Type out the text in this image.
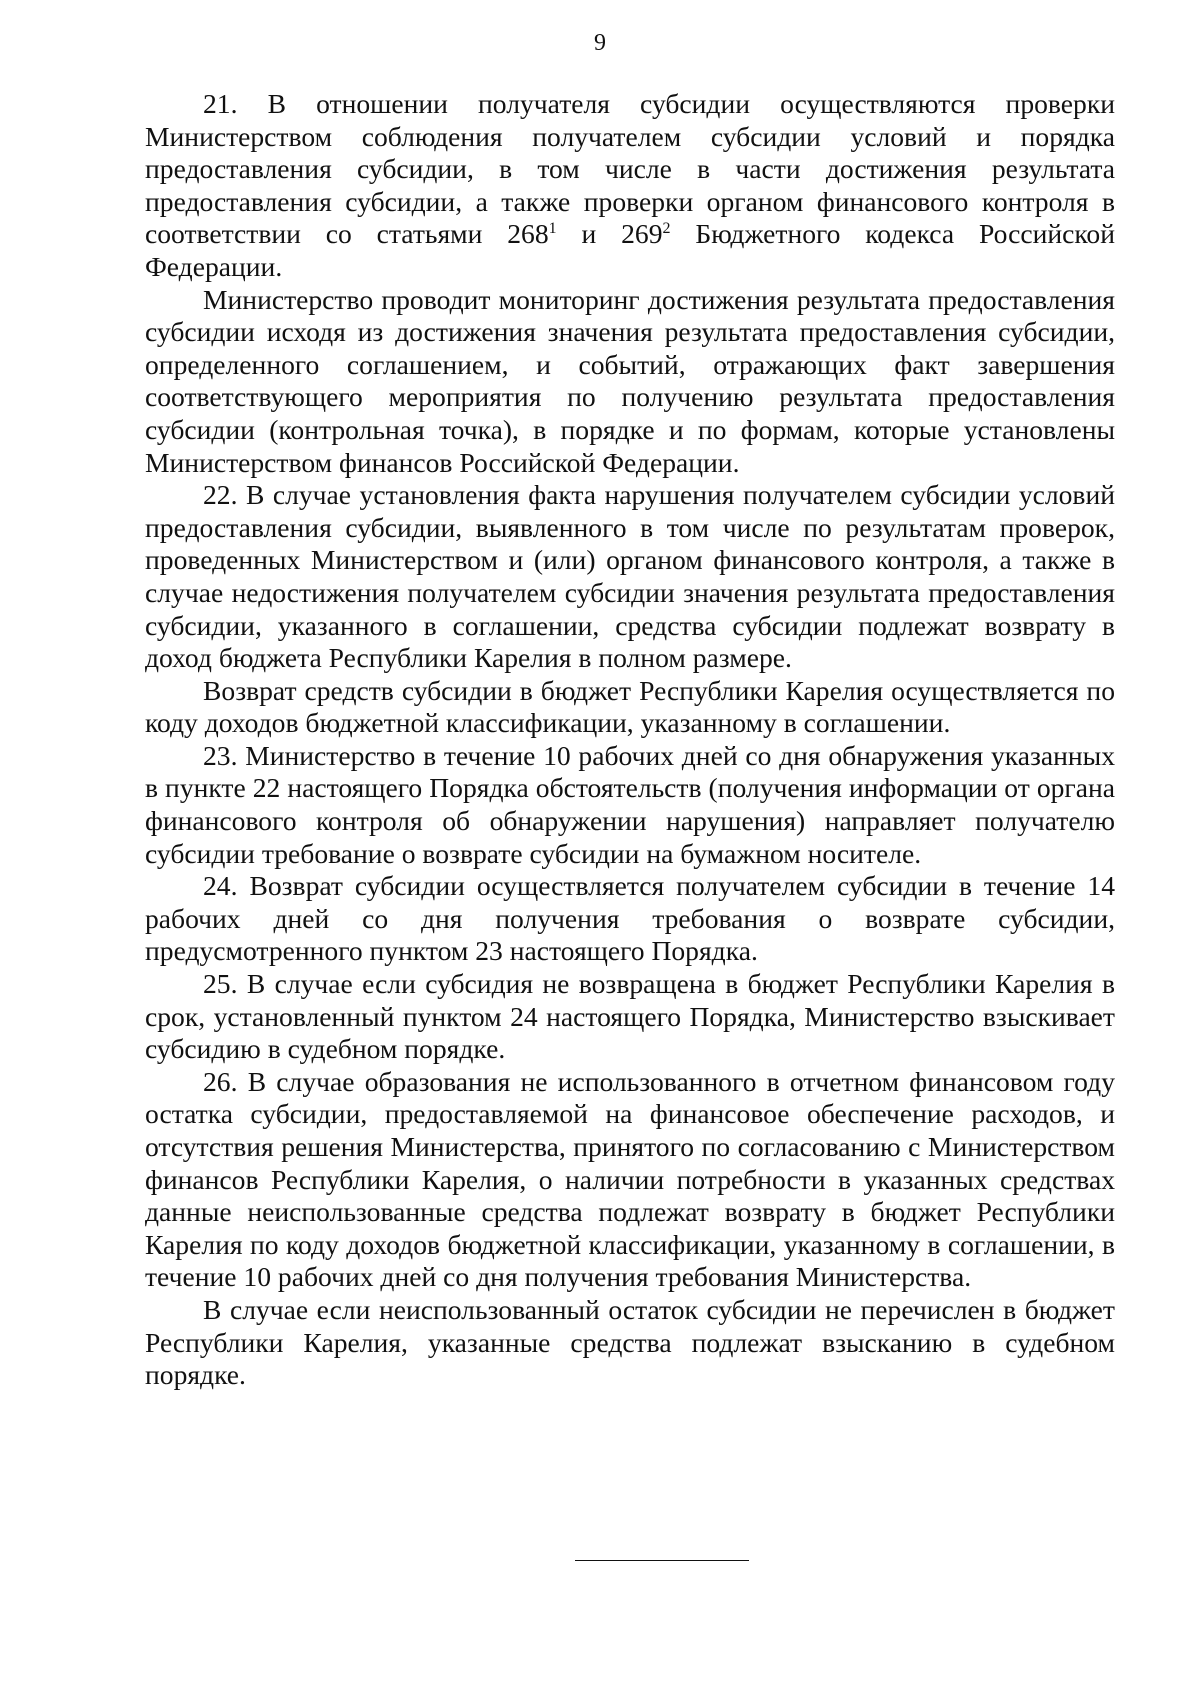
9

21. В отношении получателя субсидии осуществляются проверки Министерством соблюдения получателем субсидии условий и порядка предоставления субсидии, в том числе в части достижения результата предоставления субсидии, а также проверки органом финансового контроля в соответствии со статьями $268^1$ и $269^2$ Бюджетного кодекса Российской Федерации.

Министерство проводит мониторинг достижения результата предоставления субсидии исходя из достижения значения результата предоставления субсидии, определенного соглашением, и событий, отражающих факт завершения соответствующего мероприятия по получению результата предоставления субсидии (контрольная точка), в порядке и по формам, которые установлены Министерством финансов Российской Федерации.

22. В случае установления факта нарушения получателем субсидии условий предоставления субсидии, выявленного в том числе по результатам проверок, проведенных Министерством и (или) органом финансового контроля, а также в случае недостижения получателем субсидии значения результата предоставления субсидии, указанного в соглашении, средства субсидии подлежат возврату в доход бюджета Республики Карелия в полном размере.

Возврат средств субсидии в бюджет Республики Карелия осуществляется по коду доходов бюджетной классификации, указанному в соглашении.

23. Министерство в течение 10 рабочих дней со дня обнаружения указанных в пункте 22 настоящего Порядка обстоятельств (получения информации от органа финансового контроля об обнаружении нарушения) направляет получателю субсидии требование о возврате субсидии на бумажном носителе.

24. Возврат субсидии осуществляется получателем субсидии в течение 14 рабочих дней со дня получения требования о возврате субсидии, предусмотренного пунктом 23 настоящего Порядка.

25. В случае если субсидия не возвращена в бюджет Республики Карелия в срок, установленный пунктом 24 настоящего Порядка, Министерство взыскивает субсидию в судебном порядке.

26. В случае образования не использованного в отчетном финансовом году остатка субсидии, предоставляемой на финансовое обеспечение расходов, и отсутствия решения Министерства, принятого по согласованию с Министерством финансов Республики Карелия, о наличии потребности в указанных средствах данные неиспользованные средства подлежат возврату в бюджет Республики Карелия по коду доходов бюджетной классификации, указанному в соглашении, в течение 10 рабочих дней со дня получения требования Министерства.

В случае если неиспользованный остаток субсидии не перечислен в бюджет Республики Карелия, указанные средства подлежат взысканию в судебном порядке.
